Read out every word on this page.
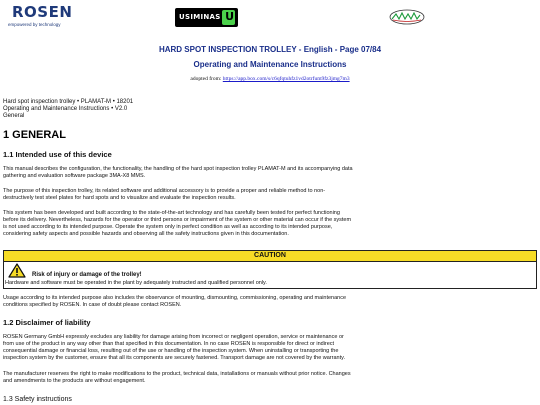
ROSEN
empowered by technology
USIMINAS U
HARD SPOT INSPECTION TROLLEY - English - Page 07/84
Operating and Maintenance Instructions
adopted from: https://app.box.com/s/c6qfqtuhfz1vd2otrfum9fz3jmg7m3
Hard spot inspection trolley • PLAMAT-M • 18201
Operating and Maintenance Instructions • V2.0
General
1 GENERAL
1.1 Intended use of this device
This manual describes the configuration, the functionality, the handling of the hard spot inspection trolley PLAMAT-M and its accompanying data
gathering and evaluation software package 3MA-X8 MMS.
The purpose of this inspection trolley, its related software and additional accessory is to provide a proper and reliable method to non-
destructively test steel plates for hard spots and to visualize and evaluate the inspection results.
This system has been developed and built according to the state-of-the-art technology and has carefully been tested for perfect functioning
before its delivery. Nevertheless, hazards for the operator or third persons or impairment of the system or other material can occur if the system
is not used according to its intended purpose. Operate the system only in perfect condition as well as according to its intended purpose,
considering safety aspects and possible hazards and observing all the safety instructions given in this documentation.
CAUTION
Risk of injury or damage of the trolley!
Hardware and software must be operated in the plant by adequately instructed and qualified personnel only.
Usage according to its intended purpose also includes the observance of mounting, dismounting, commissioning, operating and maintenance
conditions specified by ROSEN. In case of doubt please contact ROSEN.
1.2 Disclaimer of liability
ROSEN Germany GmbH expressly excludes any liability for damage arising from incorrect or negligent operation, service or maintenance or
from use of the product in any way other than that specified in this documentation. In no case ROSEN is responsible for direct or indirect
consequential damage or financial loss, resulting out of the use or handling of the inspection system. When uninstalling or transporting the
inspection system by the customer, ensure that all its components are securely fastened. Transport damage are not covered by the warranty.
The manufacturer reserves the right to make modifications to the product, technical data, installations or manuals without prior notice. Changes
and amendments to the products are without engagement.
1.3 Safety instructions
